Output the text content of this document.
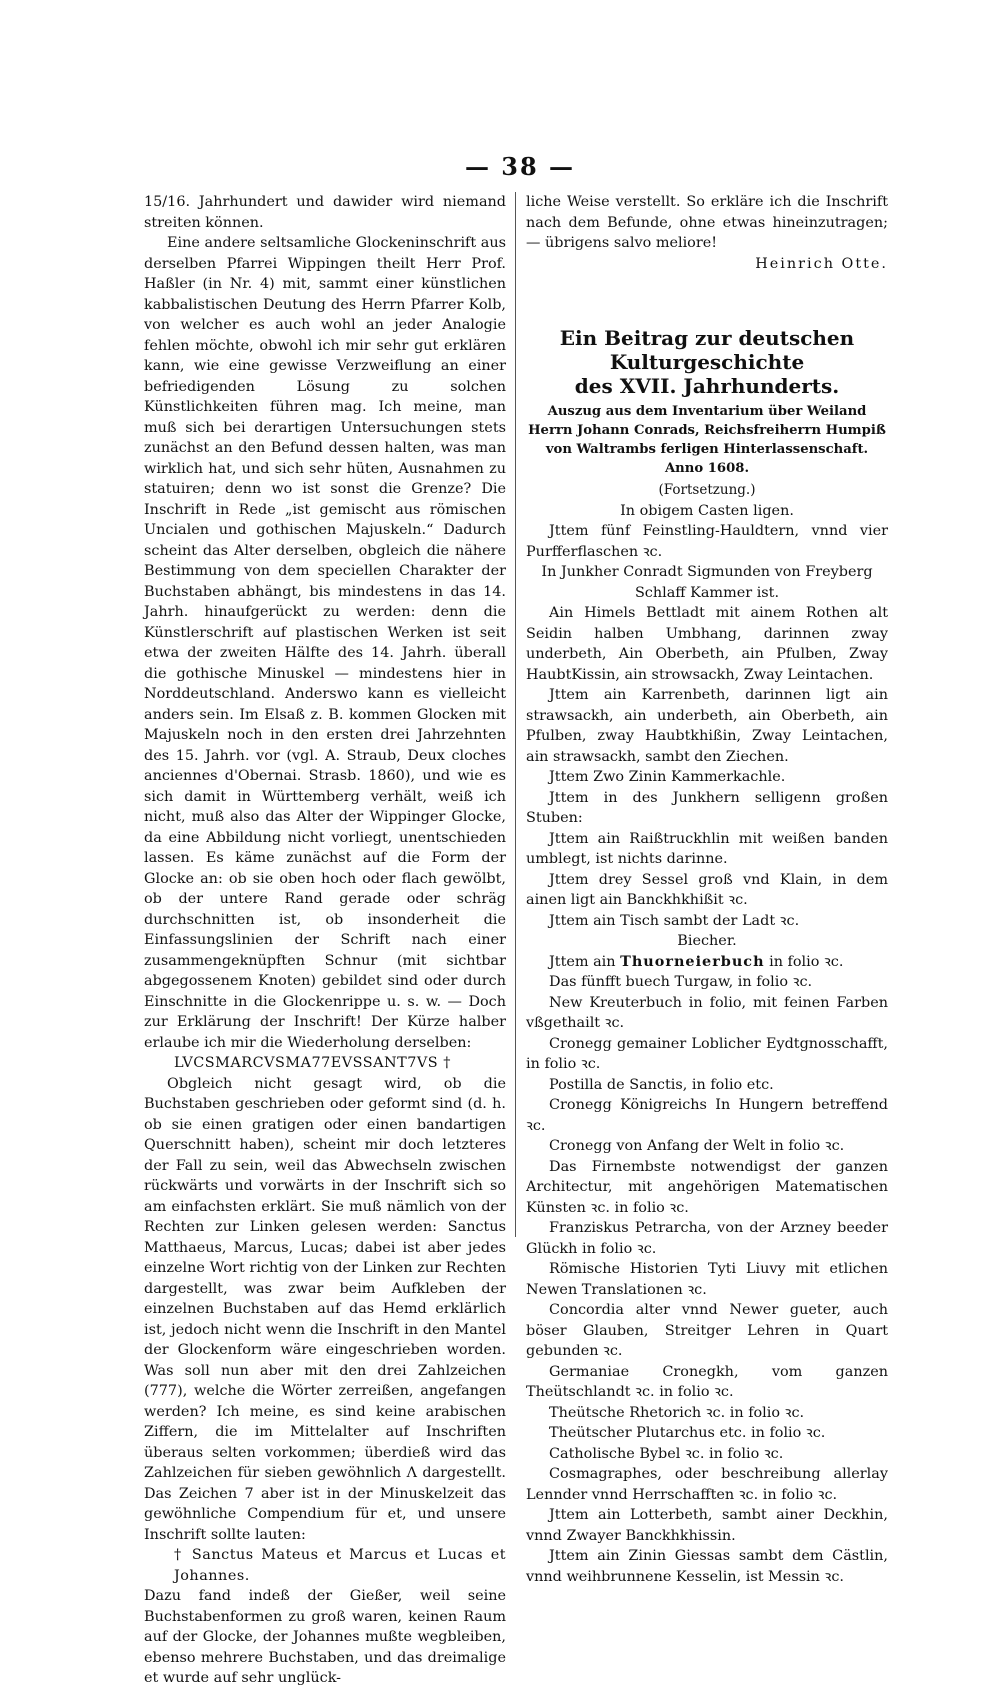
— 38 —

15/16. Jahrhundert und dawider wird niemand streiten können.

Eine andere seltsamliche Glockeninschrift aus derselben Pfarrei Wippingen theilt Herr Prof. Haßler (in Nr. 4) mit, sammt einer künstlichen kabbalistischen Deutung des Herrn Pfarrer Kolb, von welcher es auch wohl an jeder Analogie fehlen möchte, obwohl ich mir sehr gut erklären kann, wie eine gewisse Verzweiflung an einer befriedigenden Lösung zu solchen Künstlichkeiten führen mag. Ich meine, man muß sich bei derartigen Untersuchungen stets zunächst an den Befund dessen halten, was man wirklich hat, und sich sehr hüten, Ausnahmen zu statuiren; denn wo ist sonst die Grenze? Die Inschrift in Rede „ist gemischt aus römischen Uncialen und gothischen Majuskeln.“ Dadurch scheint das Alter derselben, obgleich die nähere Bestimmung von dem speciellen Charakter der Buchstaben abhängt, bis mindestens in das 14. Jahrh. hinaufgerückt zu werden: denn die Künstlerschrift auf plastischen Werken ist seit etwa der zweiten Hälfte des 14. Jahrh. überall die gothische Minuskel — mindestens hier in Norddeutschland. Anderswo kann es vielleicht anders sein. Im Elsaß z. B. kommen Glocken mit Majuskeln noch in den ersten drei Jahrzehnten des 15. Jahrh. vor (vgl. A. Straub, Deux cloches anciennes d'Obernai. Strasb. 1860), und wie es sich damit in Württemberg verhält, weiß ich nicht, muß also das Alter der Wippinger Glocke, da eine Abbildung nicht vorliegt, unentschieden lassen. Es käme zunächst auf die Form der Glocke an: ob sie oben hoch oder flach gewölbt, ob der untere Rand gerade oder schräg durchschnitten ist, ob insonderheit die Einfassungslinien der Schrift nach einer zusammengeknüpften Schnur (mit sichtbar abgegossenem Knoten) gebildet sind oder durch Einschnitte in die Glockenrippe u. s. w. — Doch zur Erklärung der Inschrift! Der Kürze halber erlaube ich mir die Wiederholung derselben:

LVCSMARCVSMA77EVSSANT7VS †

Obgleich nicht gesagt wird, ob die Buchstaben geschrieben oder geformt sind (d. h. ob sie einen gratigen oder einen bandartigen Querschnitt haben), scheint mir doch letzteres der Fall zu sein, weil das Abwechseln zwischen rückwärts und vorwärts in der Inschrift sich so am einfachsten erklärt. Sie muß nämlich von der Rechten zur Linken gelesen werden: Sanctus Matthaeus, Marcus, Lucas; dabei ist aber jedes einzelne Wort richtig von der Linken zur Rechten dargestellt, was zwar beim Aufkleben der einzelnen Buchstaben auf das Hemd erklärlich ist, jedoch nicht wenn die Inschrift in den Mantel der Glockenform wäre eingeschrieben worden. Was soll nun aber mit den drei Zahlzeichen (777), welche die Wörter zerreißen, angefangen werden? Ich meine, es sind keine arabischen Ziffern, die im Mittelalter auf Inschriften überaus selten vorkommen; überdieß wird das Zahlzeichen für sieben gewöhnlich Λ dargestellt. Das Zeichen 7 aber ist in der Minuskelzeit das gewöhnliche Compendium für et, und unsere Inschrift sollte lauten:

† Sanctus Mateus et Marcus et Lucas et Johannes.

Dazu fand indeß der Gießer, weil seine Buchstabenformen zu groß waren, keinen Raum auf der Glocke, der Johannes mußte wegbleiben, ebenso mehrere Buchstaben, und das dreimalige et wurde auf sehr unglück-

liche Weise verstellt. So erkläre ich die Inschrift nach dem Befunde, ohne etwas hineinzutragen; — übrigens salvo meliore!

Heinrich Otte.

Ein Beitrag zur deutschen Kulturgeschichte
des XVII. Jahrhunderts.
Auszug aus dem Inventarium über Weiland Herrn Johann Conrads, Reichsfreiherrn Humpiß von Waltrambs ferligen Hinterlassenschaft. Anno 1608.
(Fortsetzung.)

In obigem Casten ligen.

Jttem fünf Feinstling-Hauldtern, vnnd vier Purfferflaschen ꝛc.

In Junkher Conradt Sigmunden von Freyberg Schlaff Kammer ist.

Ain Himels Bettladt mit ainem Rothen alt Seidin halben Umbhang, darinnen zway underbeth, Ain Oberbeth, ain Pfulben, Zway HaubtKissin, ain strowsackh, Zway Leintachen.

Jttem ain Karrenbeth, darinnen ligt ain strawsackh, ain underbeth, ain Oberbeth, ain Pfulben, zway Haubtkhißin, Zway Leintachen, ain strawsackh, sambt den Ziechen.

Jttem Zwo Zinin Kammerkachle.

Jttem in des Junkhern selligenn großen Stuben:

Jttem ain Raißtruckhlin mit weißen banden umblegt, ist nichts darinne.

Jttem drey Sessel groß vnd Klain, in dem ainen ligt ain Banckhkhißit ꝛc.

Jttem ain Tisch sambt der Ladt ꝛc.

Biecher.

Jttem ain Thuorneierbuch in folio ꝛc.

Das fünfft buech Turgaw, in folio ꝛc.

New Kreuterbuch in folio, mit feinen Farben vßgethailt ꝛc.

Cronegg gemainer Loblicher Eydtgnosschafft, in folio ꝛc.

Postilla de Sanctis, in folio etc.

Cronegg Königreichs In Hungern betreffend ꝛc.

Cronegg von Anfang der Welt in folio ꝛc.

Das Firnembste notwendigst der ganzen Architectur, mit angehörigen Matematischen Künsten ꝛc. in folio ꝛc.

Franziskus Petrarcha, von der Arzney beeder Glückh in folio ꝛc.

Römische Historien Tyti Liuvy mit etlichen Newen Translationen ꝛc.

Concordia alter vnnd Newer gueter, auch böser Glauben, Streitger Lehren in Quart gebunden ꝛc.

Germaniae Cronegkh, vom ganzen Theütschlandt ꝛc. in folio ꝛc.

Theütsche Rhetorich ꝛc. in folio ꝛc.

Theütscher Plutarchus etc. in folio ꝛc.

Catholische Bybel ꝛc. in folio ꝛc.

Cosmagraphes, oder beschreibung allerlay Lennder vnnd Herrschafften ꝛc. in folio ꝛc.

Jttem ain Lotterbeth, sambt ainer Deckhin, vnnd Zwayer Banckhkhissin.

Jttem ain Zinin Giessas sambt dem Cästlin, vnnd weihbrunnene Kesselin, ist Messin ꝛc.
